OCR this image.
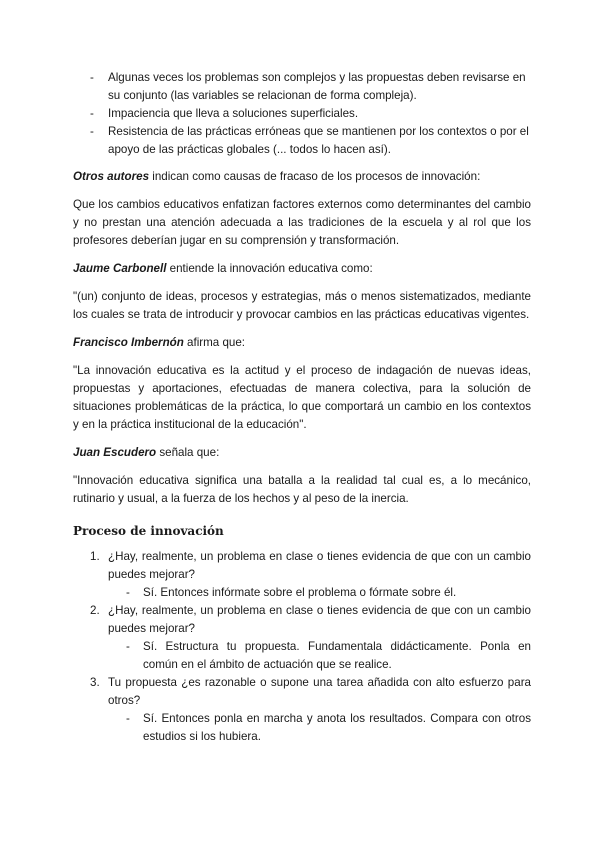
- Algunas veces los problemas son complejos y las propuestas deben revisarse en su conjunto (las variables se relacionan de forma compleja).
- Impaciencia que lleva a soluciones superficiales.
- Resistencia de las prácticas erróneas que se mantienen por los contextos o por el apoyo de las prácticas globales (... todos lo hacen así).

Otros autores indican como causas de fracaso de los procesos de innovación:

Que los cambios educativos enfatizan factores externos como determinantes del cambio y no prestan una atención adecuada a las tradiciones de la escuela y al rol que los profesores deberían jugar en su comprensión y transformación.

Jaume Carbonell entiende la innovación educativa como:

"(un) conjunto de ideas, procesos y estrategias, más o menos sistematizados, mediante los cuales se trata de introducir y provocar cambios en las prácticas educativas vigentes.

Francisco Imbernón afirma que:

"La innovación educativa es la actitud y el proceso de indagación de nuevas ideas, propuestas y aportaciones, efectuadas de manera colectiva, para la solución de situaciones problemáticas de la práctica, lo que comportará un cambio en los contextos y en la práctica institucional de la educación".

Juan Escudero señala que:

"Innovación educativa significa una batalla a la realidad tal cual es, a lo mecánico, rutinario y usual, a la fuerza de los hechos y al peso de la inercia.

Proceso de innovación
1. ¿Hay, realmente, un problema en clase o tienes evidencia de que con un cambio puedes mejorar?
- Sí. Entonces infórmate sobre el problema o fórmate sobre él.
2. ¿Hay, realmente, un problema en clase o tienes evidencia de que con un cambio puedes mejorar?
- Sí. Estructura tu propuesta. Fundamentala didácticamente. Ponla en común en el ámbito de actuación que se realice.
3. Tu propuesta ¿es razonable o supone una tarea añadida con alto esfuerzo para otros?
- Sí. Entonces ponla en marcha y anota los resultados. Compara con otros estudios si los hubiera.
